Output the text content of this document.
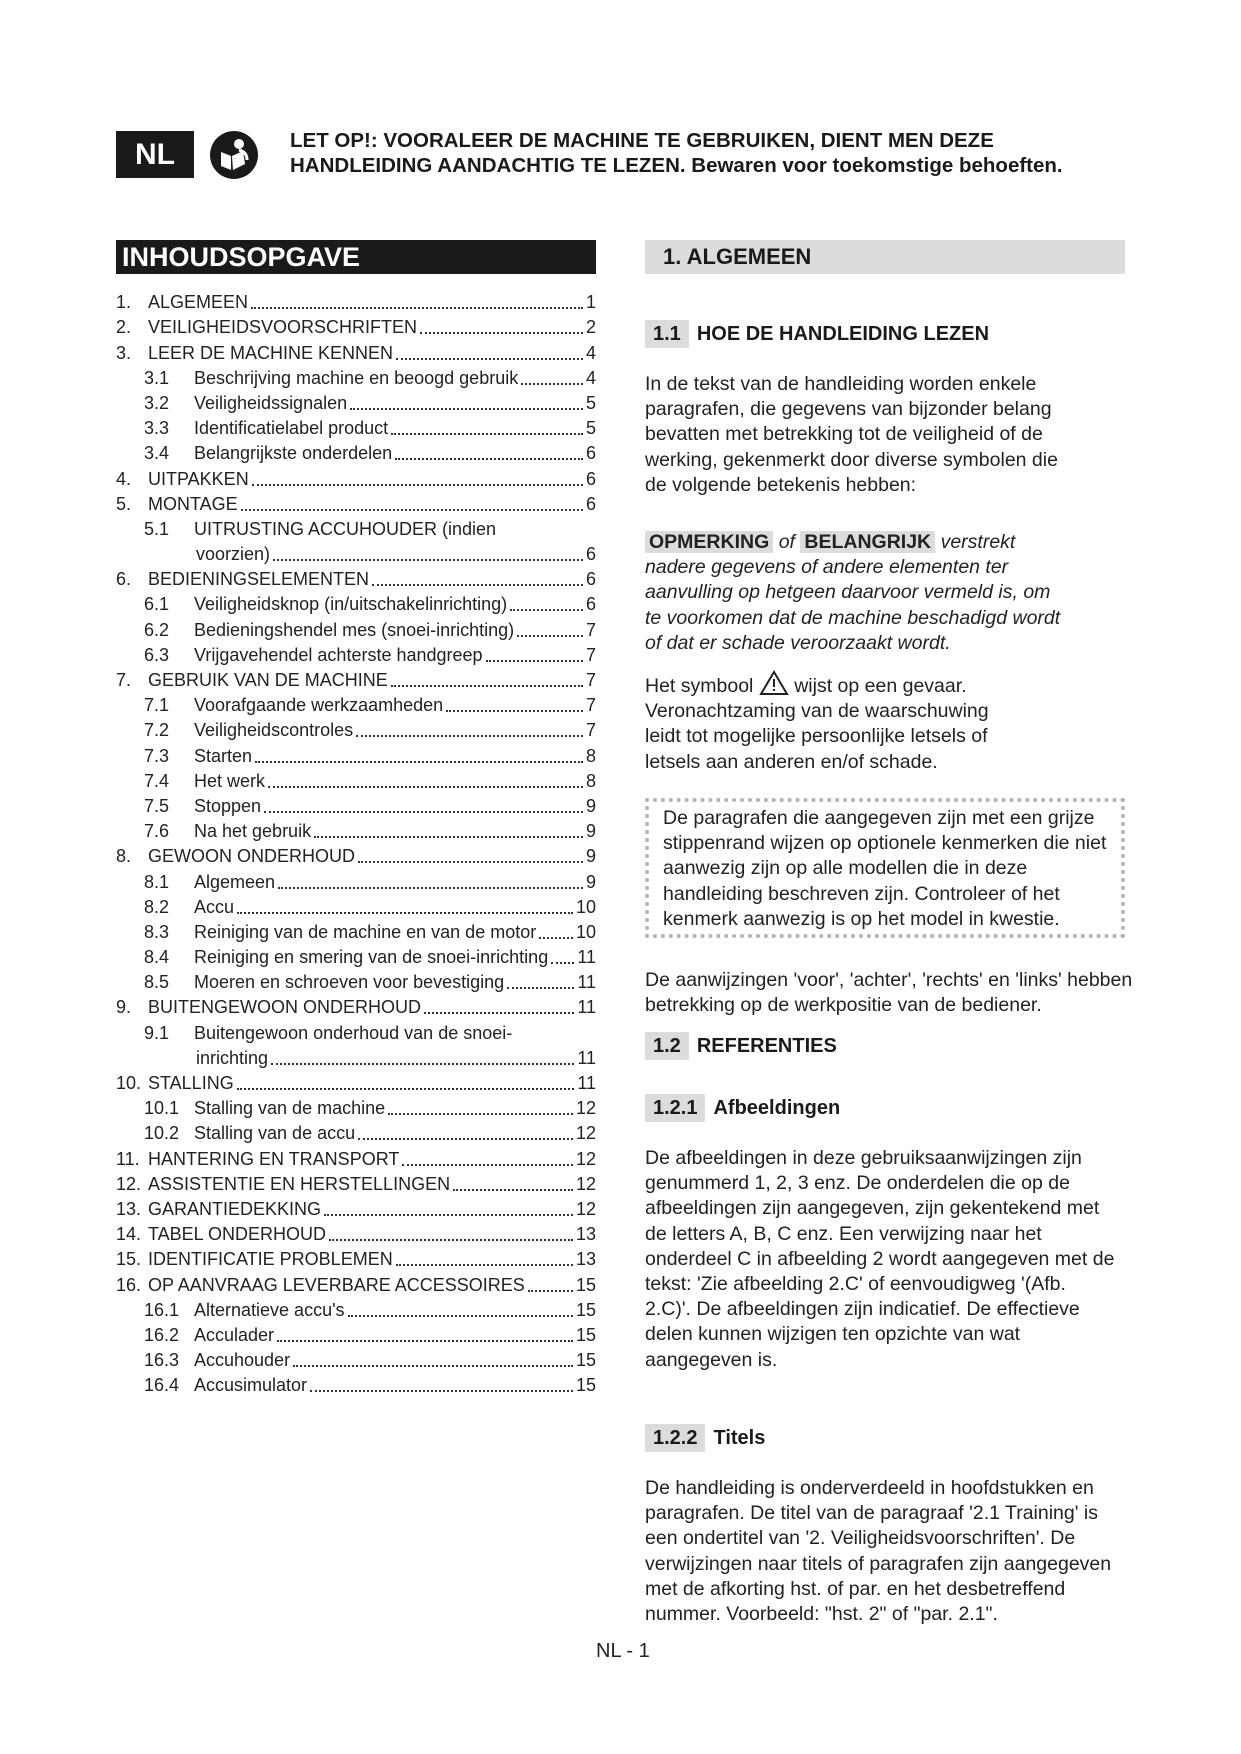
NL	LET OP!: VOORALEER DE MACHINE TE GEBRUIKEN, DIENT MEN DEZE
HANDLEIDING AANDACHTIG TE LEZEN. Bewaren voor toekomstige behoeften.
INHOUDSOPGAVE
1. ALGEMEEN	1
2. VEILIGHEIDSVOORSCHRIFTEN	2
3. LEER DE MACHINE KENNEN	4
3.1	Beschrijving machine en beoogd gebruik	4
3.2	Veiligheidssignalen	5
3.3	Identificatielabel product	5
3.4	Belangrijkste onderdelen	6
4. UITPAKKEN	6
5. MONTAGE	6
5.1	UITRUSTING ACCUHOUDER (indien
voorzien)	6
6. BEDIENINGSELEMENTEN	6
6.1	Veiligheidsknop (in/uitschakelinrichting)	6
6.2	Bedieningshendel mes (snoei-inrichting)	7
6.3	Vrijgavehendel achterste handgreep	7
7. GEBRUIK VAN DE MACHINE	7
7.1	Voorafgaande werkzaamheden	7
7.2	Veiligheidscontroles	7
7.3	Starten	8
7.4	Het werk	8
7.5	Stoppen	9
7.6	Na het gebruik	9
8. GEWOON ONDERHOUD	9
8.1	Algemeen	9
8.2	Accu	10
8.3	Reiniging van de machine en van de motor 10
8.4	Reiniging en smering van de snoei-inrichting 11
8.5	Moeren en schroeven voor bevestiging	11
9. BUITENGEWOON ONDERHOUD	11
9.1	Buitengewoon onderhoud van de snoei-
inrichting	11
10. STALLING	11
10.1 Stalling van de machine	12
10.2 Stalling van de accu	12
11. HANTERING EN TRANSPORT	12
12. ASSISTENTIE EN HERSTELLINGEN	12
13. GARANTIEDEKKING	12
14. TABEL ONDERHOUD	13
15. IDENTIFICATIE PROBLEMEN	13
16. OP AANVRAAG LEVERBARE ACCESSOIRES	15
16.1 Alternatieve accu's	15
16.2 Acculader	15
16.3 Accuhouder	15
16.4 Accusimulator	15
1. ALGEMEEN
1.1 HOE DE HANDLEIDING LEZEN
In de tekst van de handleiding worden enkele paragrafen, die gegevens van bijzonder belang bevatten met betrekking tot de veiligheid of de werking, gekenmerkt door diverse symbolen die de volgende betekenis hebben:
OPMERKING of BELANGRIJK verstrekt nadere gegevens of andere elementen ter aanvulling op hetgeen daarvoor vermeld is, om te voorkomen dat de machine beschadigd wordt of dat er schade veroorzaakt wordt.
Het symbool wijst op een gevaar. Veronachtzaming van de waarschuwing leidt tot mogelijke persoonlijke letsels of letsels aan anderen en/of schade.
De paragrafen die aangegeven zijn met een grijze stippenrand wijzen op optionele kenmerken die niet aanwezig zijn op alle modellen die in deze handleiding beschreven zijn. Controleer of het kenmerk aanwezig is op het model in kwestie.
De aanwijzingen 'voor', 'achter', 'rechts' en 'links' hebben betrekking op de werkpositie van de bediener.
1.2 REFERENTIES
1.2.1 Afbeeldingen
De afbeeldingen in deze gebruiksaanwijzingen zijn genummerd 1, 2, 3 enz. De onderdelen die op de afbeeldingen zijn aangegeven, zijn gekentekend met de letters A, B, C enz. Een verwijzing naar het onderdeel C in afbeelding 2 wordt aangegeven met de tekst: 'Zie afbeelding 2.C' of eenvoudigweg '(Afb. 2.C)'. De afbeeldingen zijn indicatief. De effectieve delen kunnen wijzigen ten opzichte van wat aangegeven is.
1.2.2 Titels
De handleiding is onderverdeeld in hoofdstukken en paragrafen. De titel van de paragraaf '2.1 Training' is een ondertitel van '2. Veiligheidsvoorschriften'. De verwijzingen naar titels of paragrafen zijn aangegeven met de afkorting hst. of par. en het desbetreffend nummer. Voorbeeld: "hst. 2" of "par. 2.1".
NL - 1
